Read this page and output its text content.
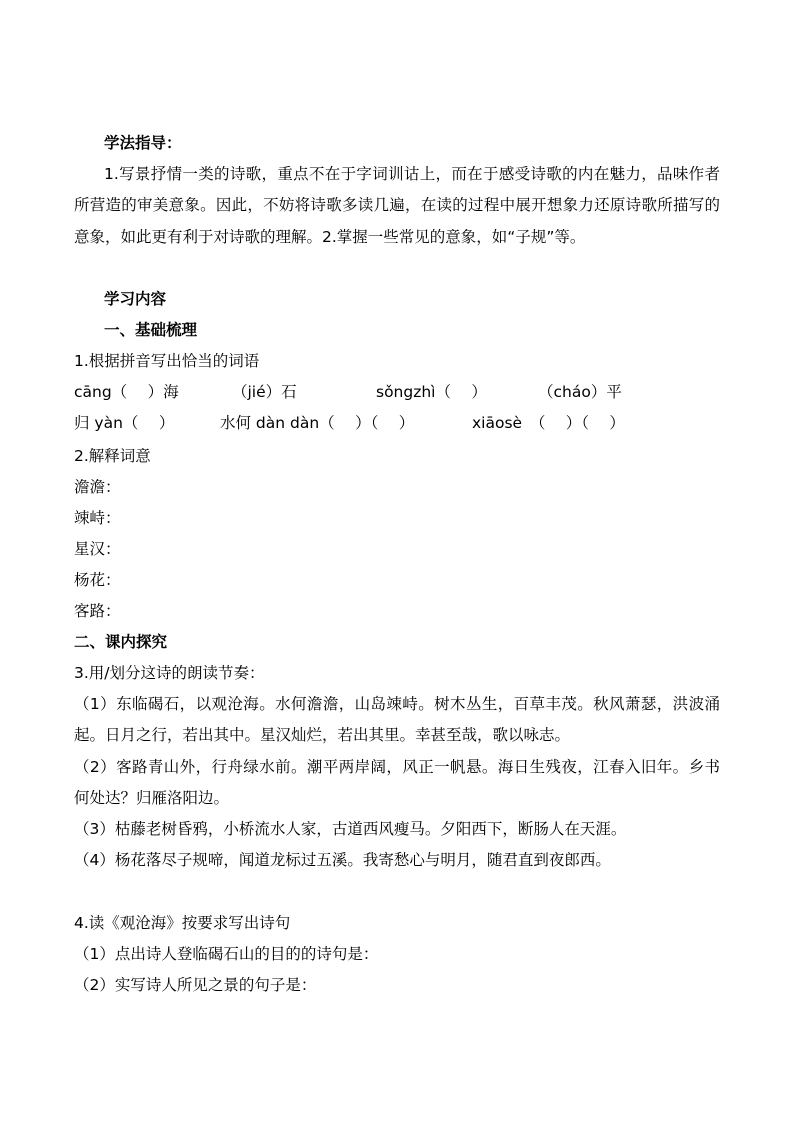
学法指导：
1.写景抒情一类的诗歌，重点不在于字词训诂上，而在于感受诗歌的内在魅力，品味作者
所营造的审美意象。因此，不妨将诗歌多读几遍，在读的过程中展开想象力还原诗歌所描写的
意象，如此更有利于对诗歌的理解。2.掌握一些常见的意象，如“子规”等。
学习内容
一、基础梳理
1.根据拼音写出恰当的词语
cāng（　 ）海	（jié）石	sǒngzhì（　 ）	（cháo）平
归 yàn（　 ）	水何 dàn dàn（　 ）（　 ）	xiāosè　（　 ）（　 ）
2.解释词意
澹澹：
竦峙：
星汉：
杨花：
客路：
二、课内探究
3.用/划分这诗的朗读节奏：
（1）东临碣石，以观沧海。水何澹澹，山岛竦峙。树木丛生，百草丰茂。秋风萧瑟，洪波涌
起。日月之行，若出其中。星汉灿烂，若出其里。幸甚至哉，歌以咏志。
（2）客路青山外，行舟绿水前。潮平两岸阔，风正一帆悬。海日生残夜，江春入旧年。乡书
何处达？归雁洛阳边。
（3）枯藤老树昏鸦，小桥流水人家，古道西风瘦马。夕阳西下，断肠人在天涯。
（4）杨花落尽子规啼，闻道龙标过五溪。我寄愁心与明月，随君直到夜郎西。
4.读《观沧海》按要求写出诗句
（1）点出诗人登临碣石山的目的的诗句是：
（2）实写诗人所见之景的句子是：
